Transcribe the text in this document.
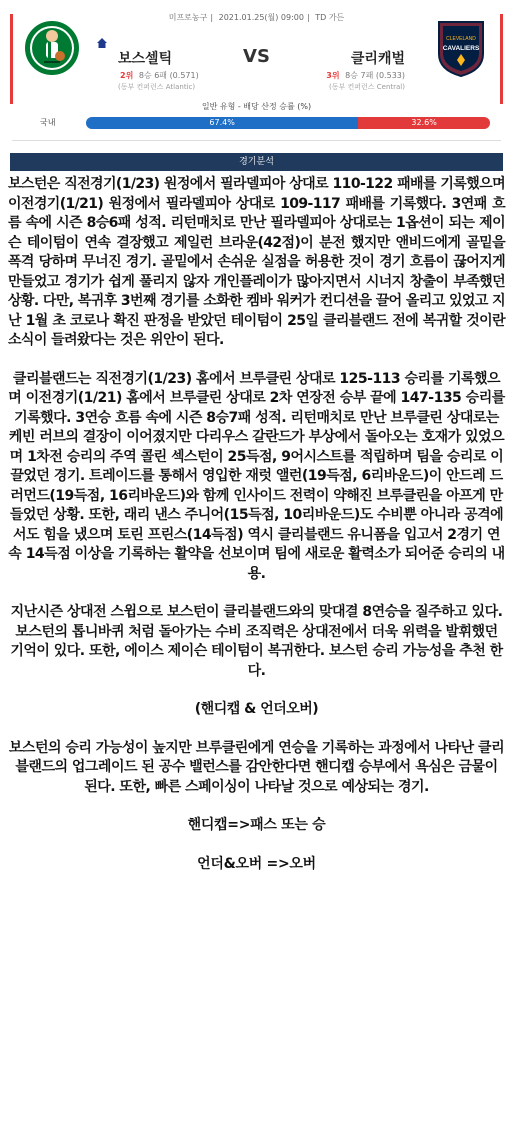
미프로농구 | 2021.01.25(월) 09:00 | TD 가든
보스셀틱	VS	클리캐벌
2위 8승 6패 (0.571)
(동부 컨퍼런스 Atlantic)
3위 8승 7패 (0.533)
(동부 컨퍼런스 Central)
CLEVELAND
CAVALIERS
일반 유형 - 배당 산정 승률 (%)
국내	67.4%	32.6%
경기분석

보스턴은 직전경기(1/23) 원정에서 필라델피아 상대로 110-122 패배를 기록했으며 이전경기(1/21) 원정에서 필라델피아 상대로 109-117 패배를 기록했다. 3연패 흐름 속에 시즌 8승6패 성적. 리턴매치로 만난 필라델피아 상대로는 1옵션이 되는 제이슨 테이텀이 연속 결장했고 제일런 브라운(42점)이 분전 했지만 앤비드에게 골밑을 폭격 당하며 무너진 경기. 골밑에서 손쉬운 실점을 허용한 것이 경기 흐름이 끊어지게 만들었고 경기가 쉽게 풀리지 않자 개인플레이가 많아지면서 시너지 창출이 부족했던 상황. 다만, 복귀후 3번째 경기를 소화한 켐바 워커가 컨디션을 끌어 올리고 있었고 지난 1월 초 코로나 확진 판정을 받았던 테이텀이 25일 클리블랜드 전에 복귀할 것이란 소식이 들려왔다는 것은 위안이 된다.

클리블랜드는 직전경기(1/23) 홈에서 브루클린 상대로 125-113 승리를 기록했으며 이전경기(1/21) 홈에서 브루클린 상대로 2차 연장전 승부 끝에 147-135 승리를 기록했다. 3연승 흐름 속에 시즌 8승7패 성적. 리턴매치로 만난 브루클린 상대로는 케빈 러브의 결장이 이어졌지만 다리우스 갈란드가 부상에서 돌아오는 호재가 있었으며 1차전 승리의 주역 콜린 섹스턴이 25득점, 9어시스트를 적립하며 팀을 승리로 이끌었던 경기. 트레이드를 통해서 영입한 재럿 앨런(19득점, 6리바운드)이 안드레 드러먼드(19득점, 16리바운드)와 함께 인사이드 전력이 약해진 브루클린을 아프게 만들었던 상황. 또한, 래리 낸스 주니어(15득점, 10리바운드)도 수비뿐 아니라 공격에서도 힘을 냈으며 토린 프린스(14득점) 역시 클리블랜드 유니폼을 입고서 2경기 연속 14득점 이상을 기록하는 활약을 선보이며 팀에 새로운 활력소가 되어준 승리의 내용.

지난시즌 상대전 스윕으로 보스턴이 클리블랜드와의 맞대결 8연승을 질주하고 있다. 보스턴의 톱니바퀴 처럼 돌아가는 수비 조직력은 상대전에서 더욱 위력을 발휘했던 기억이 있다. 또한, 에이스 제이슨 테이텀이 복귀한다. 보스턴 승리 가능성을 추천 한다.

(핸디캡 & 언더오버)

보스턴의 승리 가능성이 높지만 브루클린에게 연승을 기록하는 과정에서 나타난 클리블랜드의 업그레이드 된 공수 밸런스를 감안한다면 핸디캡 승부에서 욕심은 금물이 된다. 또한, 빠른 스페이싱이 나타날 것으로 예상되는 경기.

핸디캡=>패스 또는 승

언더&오버 =>오버
